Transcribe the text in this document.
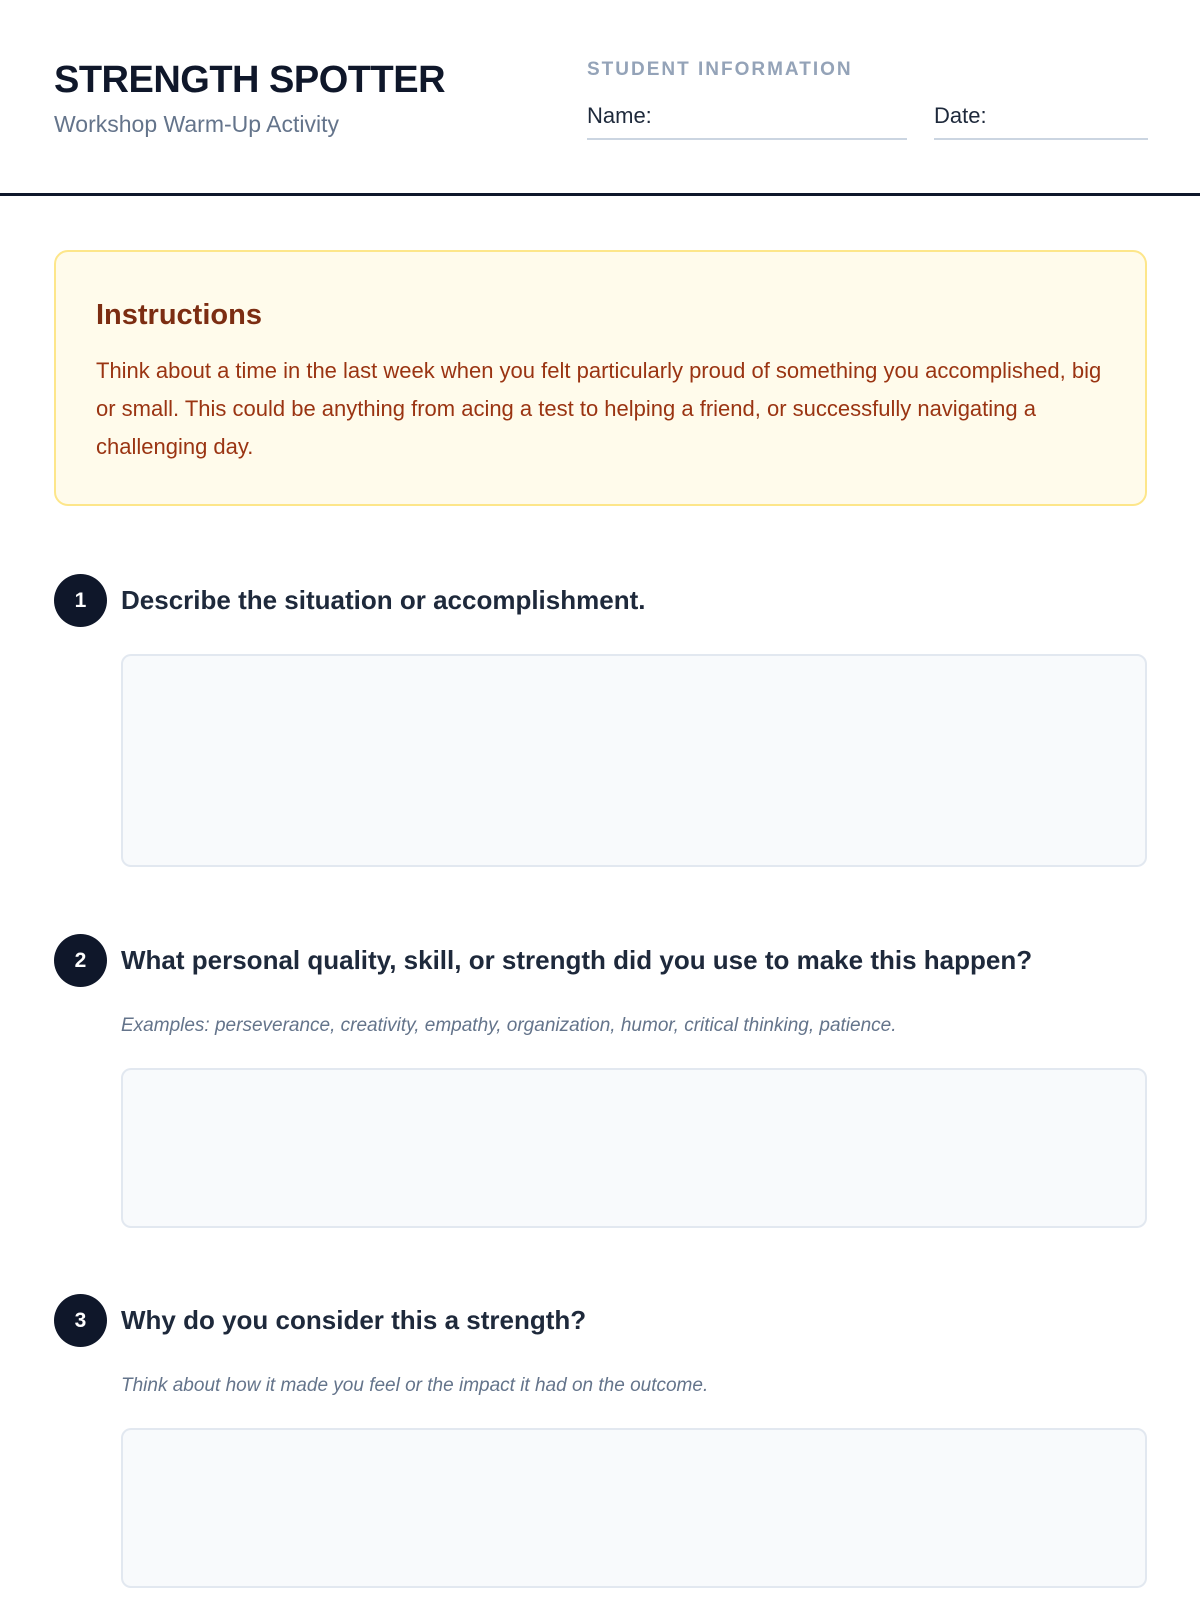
STRENGTH SPOTTER
Workshop Warm-Up Activity
STUDENT INFORMATION
Name:	Date:
Instructions
Think about a time in the last week when you felt particularly proud of something you accomplished, big or small. This could be anything from acing a test to helping a friend, or successfully navigating a challenging day.
1	Describe the situation or accomplishment.
2	What personal quality, skill, or strength did you use to make this happen?
Examples: perseverance, creativity, empathy, organization, humor, critical thinking, patience.
3	Why do you consider this a strength?
Think about how it made you feel or the impact it had on the outcome.
